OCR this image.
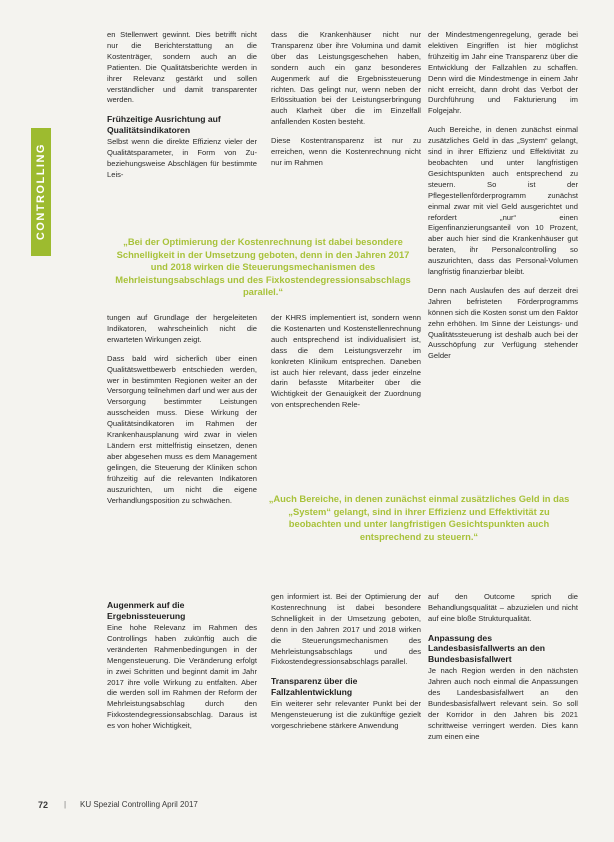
CONTROLLING

en Stellenwert gewinnt. Dies betrifft nicht nur die Berichterstattung an die Kostenträger, sondern auch an die Patienten. Die Qualitätsberichte werden in ihrer Relevanz gestärkt und sollen verständlicher und damit transparenter werden.

Frühzeitige Ausrichtung auf Qualitätsindikatoren

Selbst wenn die direkte Effizienz vieler der Qualitätsparameter, in Form von Zu- beziehungsweise Abschlägen für bestimmte Leis-

dass die Krankenhäuser nicht nur Transparenz über ihre Volumina und damit über das Leistungsgeschehen haben, sondern auch ein ganz besonderes Augenmerk auf die Ergebnissteuerung richten. Das gelingt nur, wenn neben der Erlössituation bei der Leistungserbringung auch Klarheit über die im Einzelfall anfallenden Kosten besteht.

Diese Kostentransparenz ist nur zu erreichen, wenn die Kostenrechnung nicht nur im Rahmen

der Mindestmengenregelung, gerade bei elektiven Eingriffen ist hier möglichst frühzeitig im Jahr eine Transparenz über die Entwicklung der Fallzahlen zu schaffen. Denn wird die Mindestmenge in einem Jahr nicht erreicht, dann droht das Verbot der Durchführung und Fakturierung im Folgejahr.

Auch Bereiche, in denen zunächst einmal zusätzliches Geld in das „System“ gelangt, sind in ihrer Effizienz und Effektivität zu beobachten und unter langfristigen Gesichtspunkten auch entsprechend zu steuern. So ist der Pflegestellenförderprogramm zunächst einmal zwar mit viel Geld ausgerichtet und refordert „nur“ einen Eigenfinanzierungsanteil von 10 Prozent, aber auch hier sind die Krankenhäuser gut beraten, ihr Personalcontrolling so auszurichten, dass das Personal-Volumen langfristig finanzierbar bleibt.

Denn nach Auslaufen des auf derzeit drei Jahren befristeten Förderprogramms können sich die Kosten sonst um den Faktor zehn erhöhen. Im Sinne der Leistungs- und Qualitätssteuerung ist deshalb auch bei der Ausschöpfung zur Verfügung stehender Gelder

„Bei der Optimierung der Kostenrechnung ist dabei besondere Schnelligkeit in der Umsetzung geboten, denn in den Jahren 2017 und 2018 wirken die Steuerungsmechanismen des Mehrleistungsabschlags und des Fixkostendegressionsabschlags parallel.“

tungen auf Grundlage der hergeleiteten Indikatoren, wahrscheinlich nicht die erwarteten Wirkungen zeigt.

Dass bald wird sicherlich über einen Qualitätswettbewerb entschieden werden, wer in bestimmten Regionen weiter an der Versorgung teilnehmen darf und wer aus der Versorgung bestimmter Leistungen ausscheiden muss. Diese Wirkung der Qualitätsindikatoren im Rahmen der Krankenhausplanung wird zwar in vielen Ländern erst mittelfristig einsetzen, denen aber abgesehen muss es dem Management gelingen, die Steuerung der Kliniken schon frühzeitig auf die relevanten Indikatoren auszurichten, um nicht die eigene Verhandlungsposition zu schwächen.

der KHRS implementiert ist, sondern wenn die Kostenarten und Kostenstellenrechnung auch entsprechend ist individualisiert ist, dass die dem Leistungsverzehr im konkreten Klinikum entsprechen. Daneben ist auch hier relevant, dass jeder einzelne darin befasste Mitarbeiter über die Wichtigkeit der Genauigkeit der Zuordnung von entsprechenden Rele-

„Auch Bereiche, in denen zunächst einmal zusätzliches Geld in das „System“ gelangt, sind in ihrer Effizienz und Effektivität zu beobachten und unter langfristigen Gesichtspunkten auch entsprechend zu steuern.“
Augenmerk auf die Ergebnissteuerung

Eine hohe Relevanz im Rahmen des Controllings haben zukünftig auch die veränderten Rahmenbedingungen in der Mengensteuerung. Die Veränderung erfolgt in zwei Schritten und beginnt damit im Jahr 2017 ihre volle Wirkung zu entfalten. Aber die werden soll im Rahmen der Reform der Mehrleistungsabschlag durch den Fixkostendegressionsabschlag. Daraus ist es von hoher Wichtigkeit,

gen informiert ist. Bei der Optimierung der Kostenrechnung ist dabei besondere Schnelligkeit in der Umsetzung geboten, denn in den Jahren 2017 und 2018 wirken die Steuerungsmechanismen des Mehrleistungsabschlags und des Fixkostendegressionsabschlags parallel.

Transparenz über die Fallzahlentwicklung

Ein weiterer sehr relevanter Punkt bei der Mengensteuerung ist die zukünftige gezielt vorgeschriebene stärkere Anwendung

auf den Outcome sprich die Behandlungsqualität – abzuzielen und nicht auf eine bloße Strukturqualität.

Anpassung des Landesbasisfallwerts an den Bundesbasisfallwert

Je nach Region werden in den nächsten Jahren auch noch einmal die Anpassungen des Landesbasisfallwert an den Bundesbasisfallwert relevant sein. So soll der Korridor in den Jahren bis 2021 schrittweise verringert werden. Dies kann zum einen eine

72 | KU Spezial Controlling April 2017
